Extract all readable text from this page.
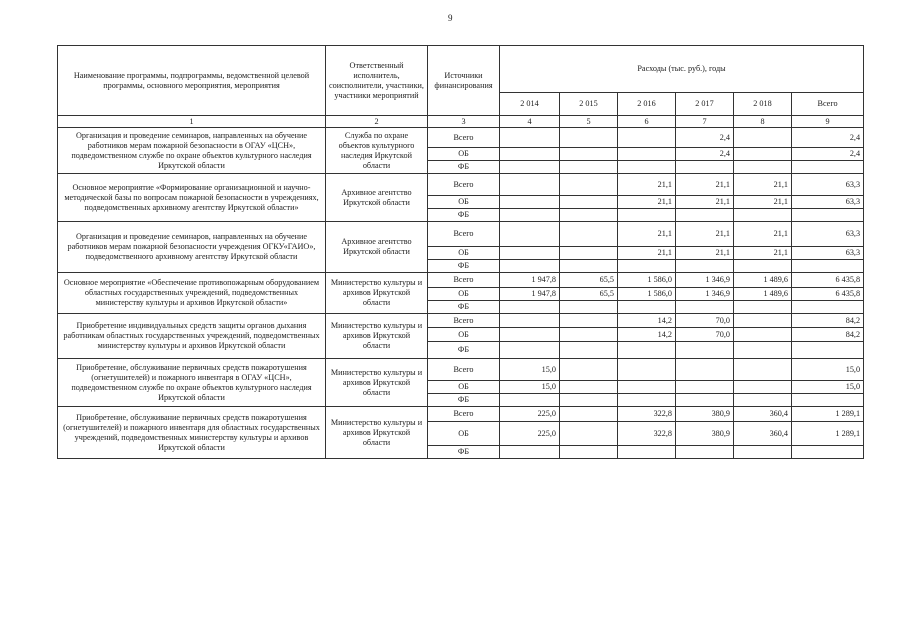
9
Наименование программы, подпрограммы, ведомственной целевой программы, основного мероприятия, мероприятия	Ответственный исполнитель, соисполнители, участники, участники мероприятий	Источники финансирования	Расходы (тыс. руб.), годы					
			2 014	2 015	2 016	2 017	2 018	Всего
1	2	3	4	5	6	7	8	9
Организация и проведение семинаров, направленных на обучение работников мерам пожарной безопасности в ОГАУ «ЦСН», подведомственном службе по охране объектов культурного наследия Иркутской области	Служба по охране объектов культурного наследия Иркутской области	Всего				2,4		2,4
		ОБ				2,4		2,4
		ФБ						
Основное мероприятие «Формирование организационной и научно-методической базы по вопросам пожарной безопасности в учреждениях, подведомственных архивному агентству Иркутской области»	Архивное агентство Иркутской области	Всего			21,1	21,1	21,1	63,3
		ОБ			21,1	21,1	21,1	63,3
		ФБ						
Организация и проведение семинаров, направленных на обучение работников мерам пожарной безопасности учреждения ОГКУ«ГАИО», подведомственного архивному агентству Иркутской области	Архивное агентство Иркутской области	Всего			21,1	21,1	21,1	63,3
		ОБ			21,1	21,1	21,1	63,3
		ФБ						
Основное мероприятие «Обеспечение противопожарным оборудованием областных государственных учреждений, подведомственных министерству культуры и архивов Иркутской области»	Министерство культуры и архивов Иркутской области	Всего	1 947,8	65,5	1 586,0	1 346,9	1 489,6	6 435,8
		ОБ	1 947,8	65,5	1 586,0	1 346,9	1 489,6	6 435,8
		ФБ						
Приобретение индивидуальных средств защиты органов дыхания работникам областных государственных учреждений, подведомственных министерству культуры и архивов Иркутской области	Министерство культуры и архивов Иркутской области	Всего			14,2	70,0		84,2
		ОБ			14,2	70,0		84,2
		ФБ						
Приобретение, обслуживание первичных средств пожаротушения (огнетушителей) и пожарного инвентаря в ОГАУ «ЦСН», подведомственном службе по охране объектов культурного наследия Иркутской области	Министерство культуры и архивов Иркутской области	Всего	15,0					15,0
		ОБ	15,0					15,0
		ФБ						
Приобретение, обслуживание первичных средств пожаротушения (огнетушителей) и пожарного инвентаря для областных государственных учреждений, подведомственных министерству культуры и архивов Иркутской области	Министерство культуры и архивов Иркутской области	Всего	225,0		322,8	380,9	360,4	1 289,1
		ОБ	225,0		322,8	380,9	360,4	1 289,1
		ФБ						
